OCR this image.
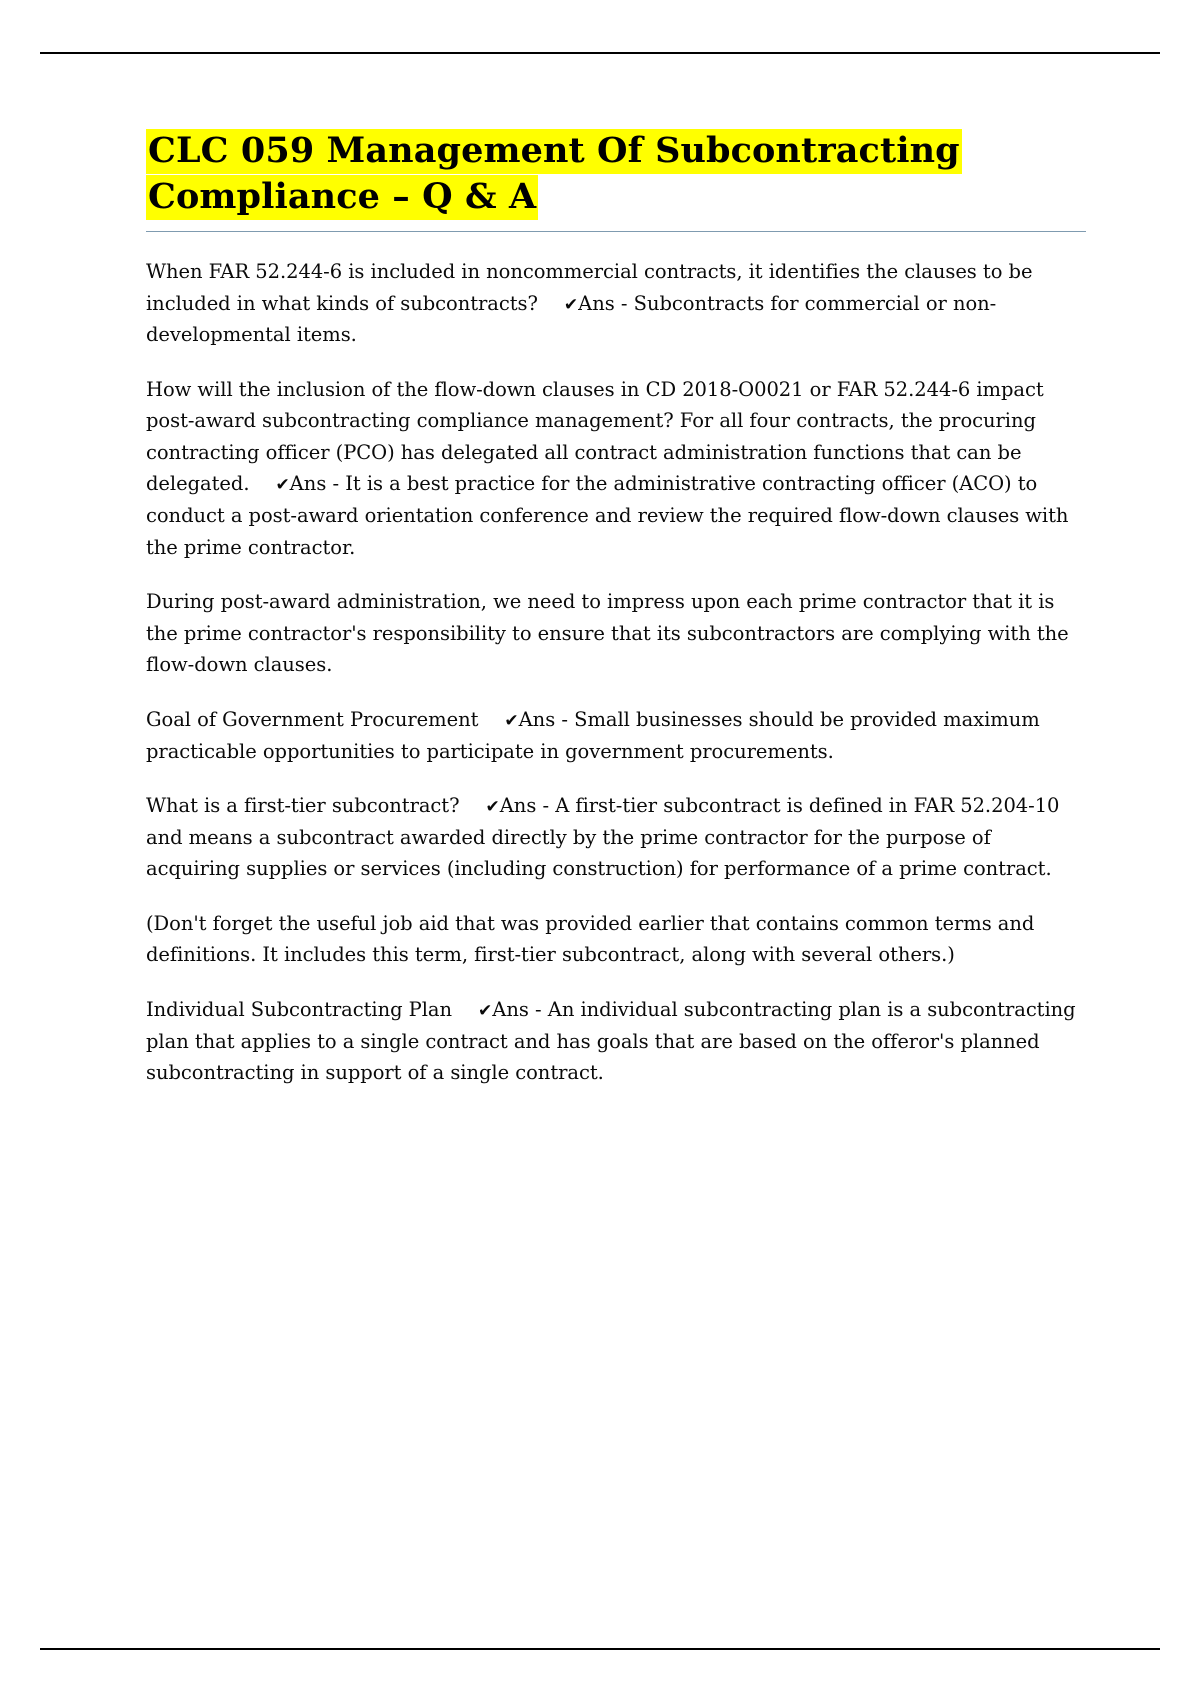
CLC 059 Management Of Subcontracting
Compliance – Q & A

When FAR 52.244-6 is included in noncommercial contracts, it identifies the clauses to be included in what kinds of subcontracts? ✔Ans - Subcontracts for commercial or non-developmental items.

How will the inclusion of the flow-down clauses in CD 2018-O0021 or FAR 52.244-6 impact post-award subcontracting compliance management? For all four contracts, the procuring contracting officer (PCO) has delegated all contract administration functions that can be delegated. ✔Ans - It is a best practice for the administrative contracting officer (ACO) to conduct a post-award orientation conference and review the required flow-down clauses with the prime contractor.

During post-award administration, we need to impress upon each prime contractor that it is the prime contractor's responsibility to ensure that its subcontractors are complying with the flow-down clauses.

Goal of Government Procurement ✔Ans - Small businesses should be provided maximum practicable opportunities to participate in government procurements.

What is a first-tier subcontract? ✔Ans - A first-tier subcontract is defined in FAR 52.204-10 and means a subcontract awarded directly by the prime contractor for the purpose of acquiring supplies or services (including construction) for performance of a prime contract.

(Don't forget the useful job aid that was provided earlier that contains common terms and definitions. It includes this term, first-tier subcontract, along with several others.)

Individual Subcontracting Plan ✔Ans - An individual subcontracting plan is a subcontracting plan that applies to a single contract and has goals that are based on the offeror's planned subcontracting in support of a single contract.
